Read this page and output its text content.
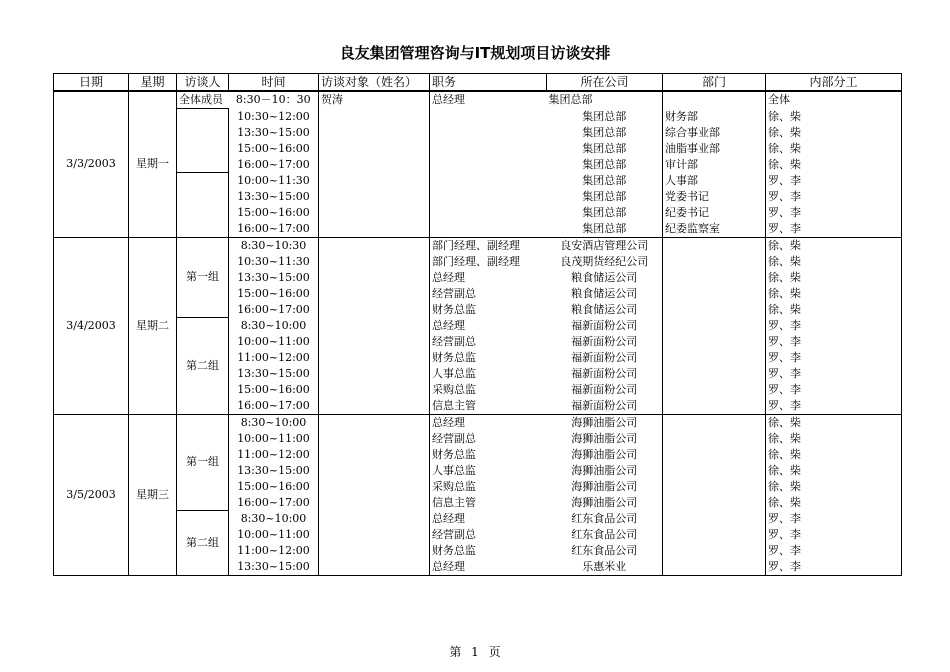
良友集团管理咨询与IT规划项目访谈安排
日期	星期	访谈人	时间	访谈对象（姓名）	职务	所在公司	部门	内部分工
3/3/2003	星期一	全体成员	8:30－10：30	贺涛	总经理	集团总部		全体
			10:30~12:00			集团总部	财务部	徐、柴
			13:30~15:00			集团总部	综合事业部	徐、柴
			15:00~16:00			集团总部	油脂事业部	徐、柴
			16:00~17:00			集团总部	审计部	徐、柴
			10:00~11:30			集团总部	人事部	罗、李
			13:30~15:00			集团总部	党委书记	罗、李
			15:00~16:00			集团总部	纪委书记	罗、李
			16:00~17:00			集团总部	纪委监察室	罗、李
3/4/2003	星期二	第一组	8:30~10:30		部门经理、副经理	良安酒店管理公司		徐、柴
			10:30~11:30		部门经理、副经理	良茂期货经纪公司		徐、柴
			13:30~15:00		总经理	粮食储运公司		徐、柴
			15:00~16:00		经营副总	粮食储运公司		徐、柴
			16:00~17:00		财务总监	粮食储运公司		徐、柴
		第二组	8:30~10:00		总经理	福新面粉公司		罗、李
			10:00~11:00		经营副总	福新面粉公司		罗、李
			11:00~12:00		财务总监	福新面粉公司		罗、李
			13:30~15:00		人事总监	福新面粉公司		罗、李
			15:00~16:00		采购总监	福新面粉公司		罗、李
			16:00~17:00		信息主管	福新面粉公司		罗、李
3/5/2003	星期三	第一组	8:30~10:00		总经理	海狮油脂公司		徐、柴
			10:00~11:00		经营副总	海狮油脂公司		徐、柴
			11:00~12:00		财务总监	海狮油脂公司		徐、柴
			13:30~15:00		人事总监	海狮油脂公司		徐、柴
			15:00~16:00		采购总监	海狮油脂公司		徐、柴
			16:00~17:00		信息主管	海狮油脂公司		徐、柴
		第二组	8:30~10:00		总经理	红东食品公司		罗、李
			10:00~11:00		经营副总	红东食品公司		罗、李
			11:00~12:00		财务总监	红东食品公司		罗、李
			13:30~15:00		总经理	乐惠米业		罗、李
第 1 页
